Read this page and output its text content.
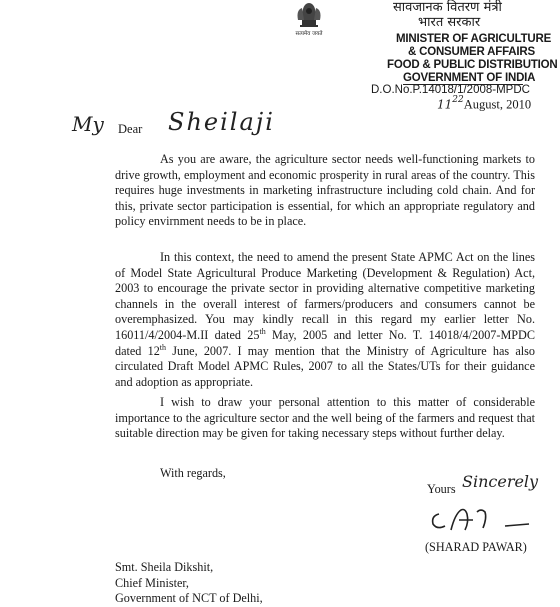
सत्यमेव जयते
सावजानक वितरण मंत्री
भारत सरकार
MINISTER OF AGRICULTURE
& CONSUMER AFFAIRS
FOOD & PUBLIC DISTRIBUTION
GOVERNMENT OF INDIA
D.O.No.P.14018/1/2008-MPDC
$11^{22}August$, 2010
My Dear Sheilaji

As you are aware, the agriculture sector needs well-functioning markets to drive growth, employment and economic prosperity in rural areas of the country. This requires huge investments in marketing infrastructure including cold chain. And for this, private sector participation is essential, for which an appropriate regulatory and policy envirnment needs to be in place.

In this context, the need to amend the present State APMC Act on the lines of Model State Agricultural Produce Marketing (Development & Regulation) Act, 2003 to encourage the private sector in providing alternative competitive marketing channels in the overall interest of farmers/producers and consumers cannot be overemphasized. You may kindly recall in this regard my earlier letter No. 16011/4/2004-M.II dated 25th May, 2005 and letter No. T. 14018/4/2007-MPDC dated 12th June, 2007. I may mention that the Ministry of Agriculture has also circulated Draft Model APMC Rules, 2007 to all the States/UTs for their guidance and adoption as appropriate.

I wish to draw your personal attention to this matter of considerable importance to the agriculture sector and the well being of the farmers and request that suitable direction may be given for taking necessary steps without further delay.

With regards,
Yours Sincerely
(SHARAD PAWAR)
Smt. Sheila Dikshit,
Chief Minister,
Government of NCT of Delhi,
